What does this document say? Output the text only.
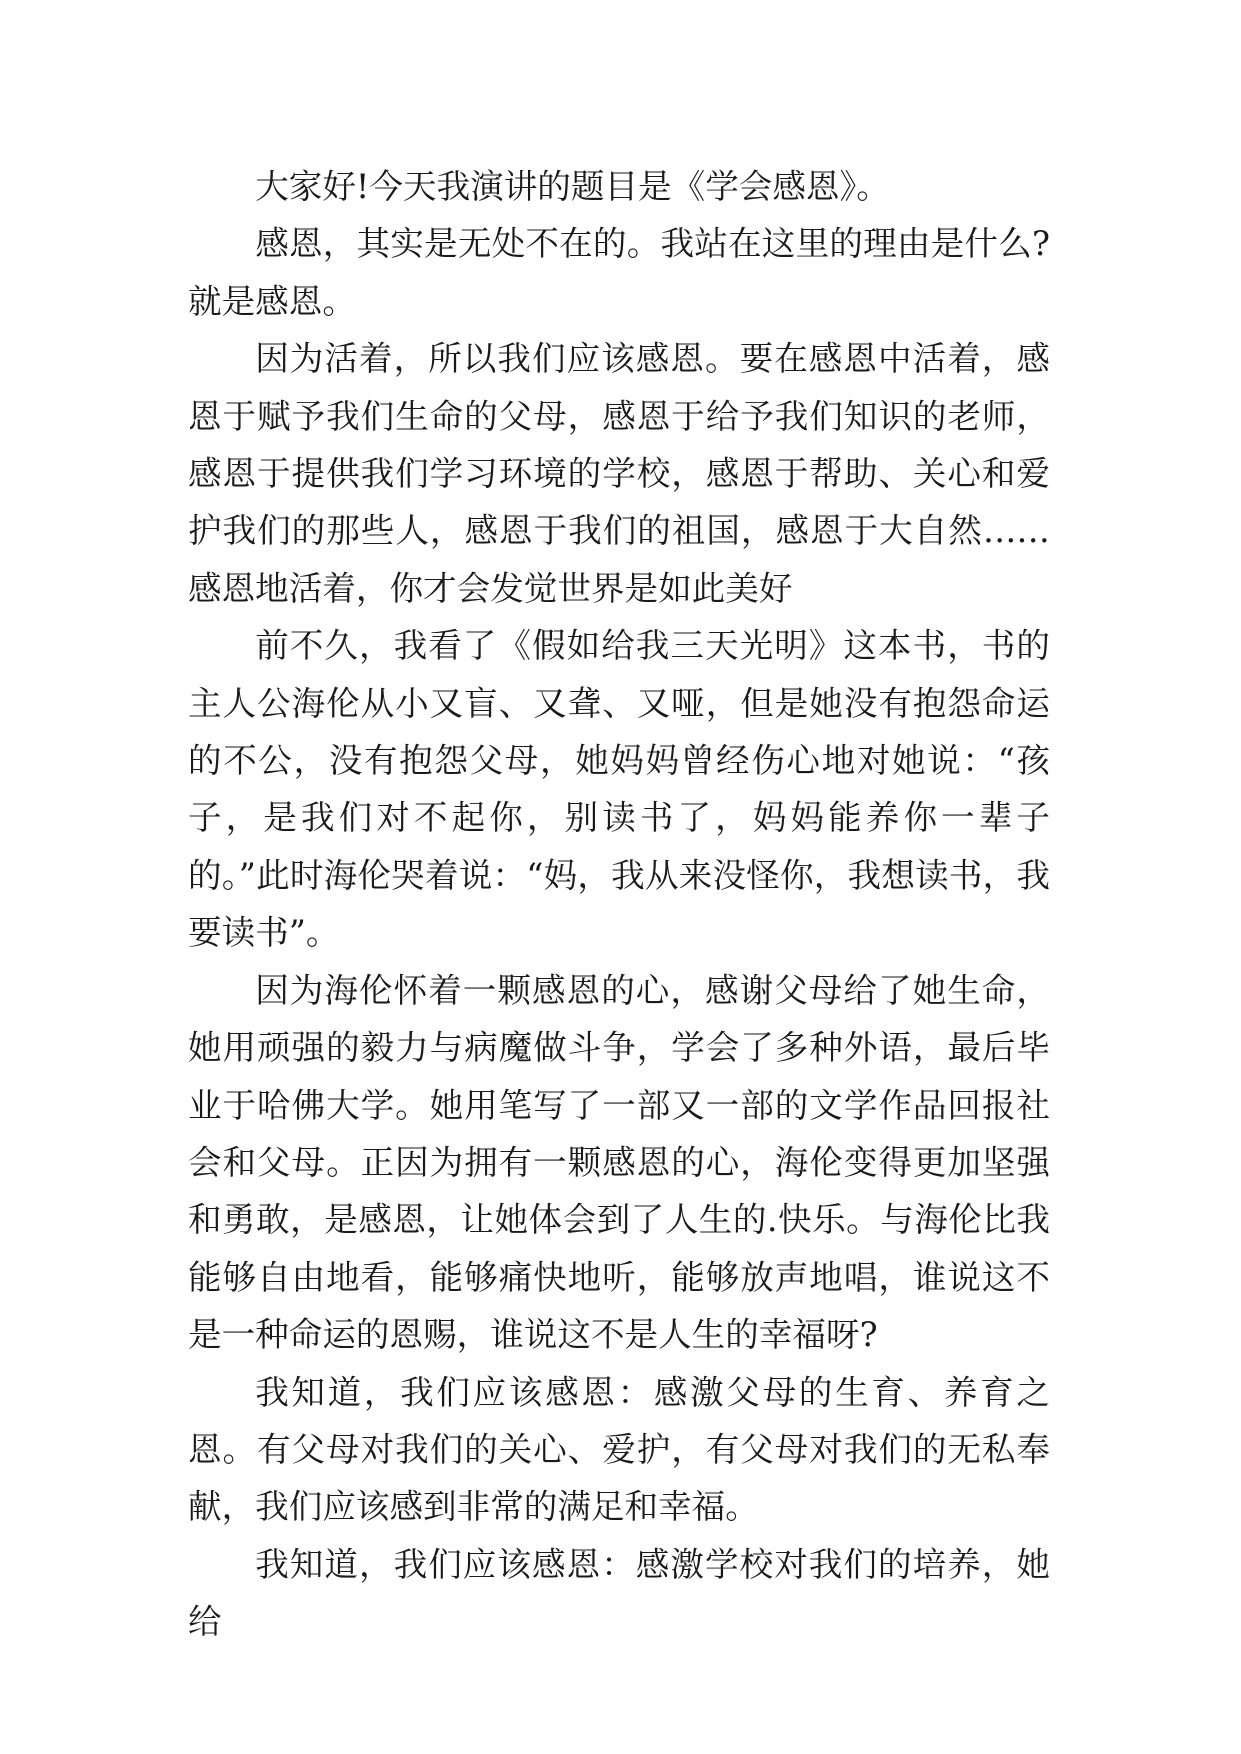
大家好!今天我演讲的题目是《学会感恩》。

感恩，其实是无处不在的。我站在这里的理由是什么?就是感恩。

因为活着，所以我们应该感恩。要在感恩中活着，感恩于赋予我们生命的父母，感恩于给予我们知识的老师，感恩于提供我们学习环境的学校，感恩于帮助、关心和爱护我们的那些人，感恩于我们的祖国，感恩于大自然……感恩地活着，你才会发觉世界是如此美好

前不久，我看了《假如给我三天光明》这本书，书的主人公海伦从小又盲、又聋、又哑，但是她没有抱怨命运的不公，没有抱怨父母，她妈妈曾经伤心地对她说：“孩子，是我们对不起你，别读书了，妈妈能养你一辈子的。”此时海伦哭着说：“妈，我从来没怪你，我想读书，我要读书”。

因为海伦怀着一颗感恩的心，感谢父母给了她生命，她用顽强的毅力与病魔做斗争，学会了多种外语，最后毕业于哈佛大学。她用笔写了一部又一部的文学作品回报社会和父母。正因为拥有一颗感恩的心，海伦变得更加坚强和勇敢，是感恩，让她体会到了人生的.快乐。与海伦比我能够自由地看，能够痛快地听，能够放声地唱，谁说这不是一种命运的恩赐，谁说这不是人生的幸福呀?

我知道，我们应该感恩：感激父母的生育、养育之恩。有父母对我们的关心、爱护，有父母对我们的无私奉献，我们应该感到非常的满足和幸福。

我知道，我们应该感恩：感激学校对我们的培养，她给
